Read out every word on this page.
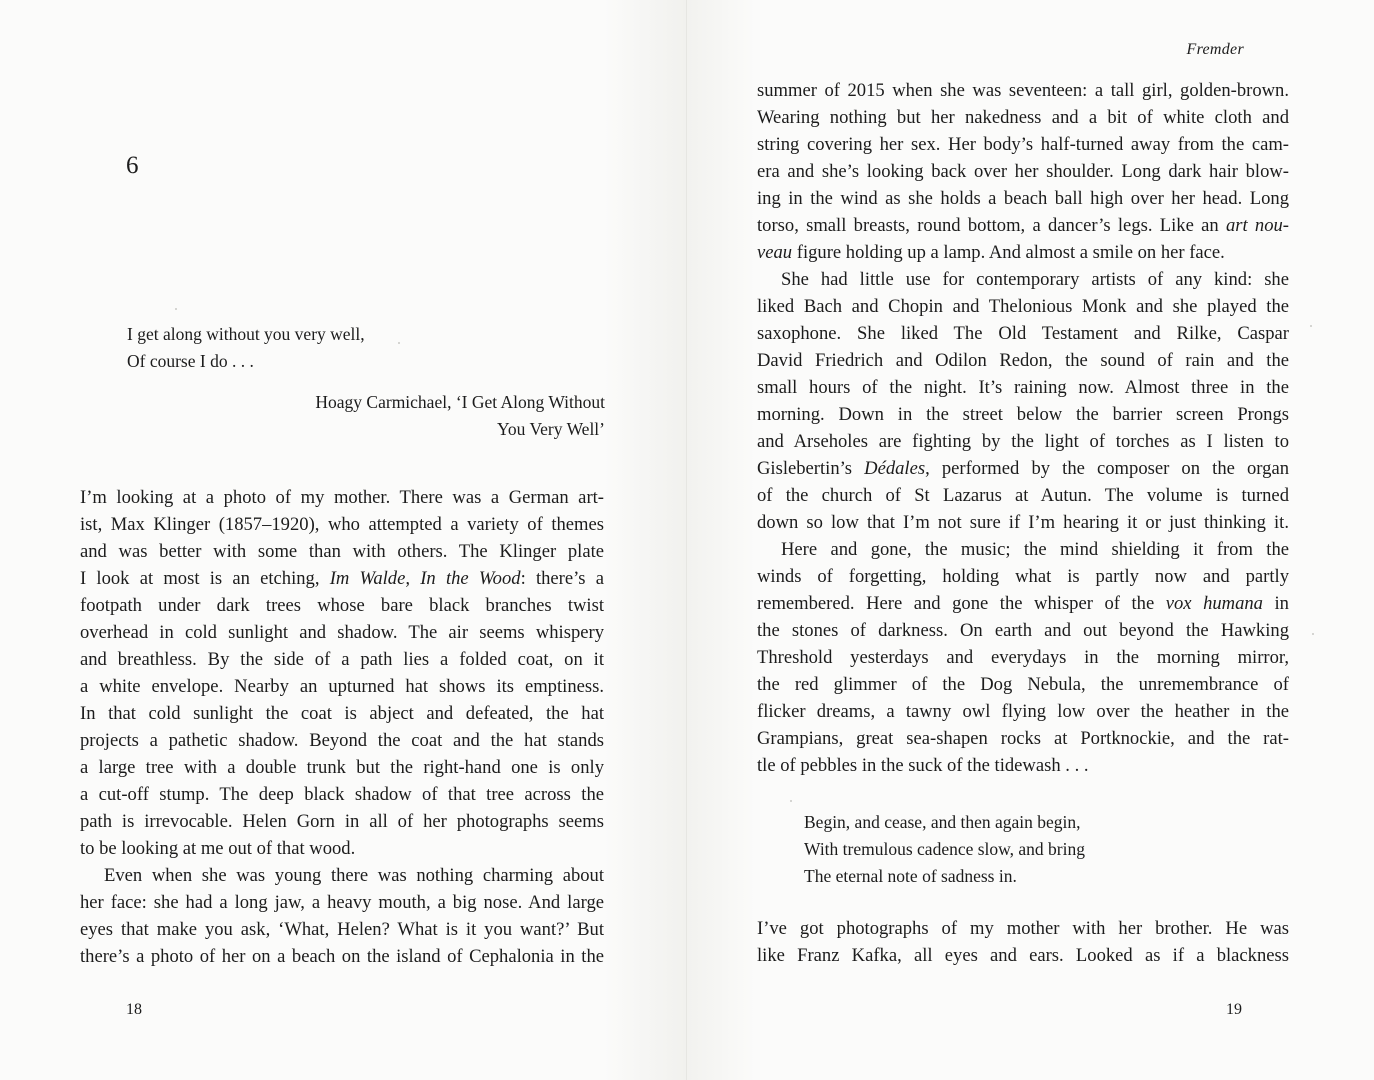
6
I get along without you very well,
Of course I do . . .
Hoagy Carmichael, ‘I Get Along Without
You Very Well’
I’m looking at a photo of my mother. There was a German art-
ist, Max Klinger (1857–1920), who attempted a variety of themes
and was better with some than with others. The Klinger plate
I look at most is an etching, Im Walde, In the Wood: there’s a
footpath under dark trees whose bare black branches twist
overhead in cold sunlight and shadow. The air seems whispery
and breathless. By the side of a path lies a folded coat, on it
a white envelope. Nearby an upturned hat shows its emptiness.
In that cold sunlight the coat is abject and defeated, the hat
projects a pathetic shadow. Beyond the coat and the hat stands
a large tree with a double trunk but the right-hand one is only
a cut-off stump. The deep black shadow of that tree across the
path is irrevocable. Helen Gorn in all of her photographs seems
to be looking at me out of that wood.
Even when she was young there was nothing charming about
her face: she had a long jaw, a heavy mouth, a big nose. And large
eyes that make you ask, ‘What, Helen? What is it you want?’ But
there’s a photo of her on a beach on the island of Cephalonia in the
18
Fremder
summer of 2015 when she was seventeen: a tall girl, golden-brown.
Wearing nothing but her nakedness and a bit of white cloth and
string covering her sex. Her body’s half-turned away from the cam-
era and she’s looking back over her shoulder. Long dark hair blow-
ing in the wind as she holds a beach ball high over her head. Long
torso, small breasts, round bottom, a dancer’s legs. Like an art nou-
veau figure holding up a lamp. And almost a smile on her face.
She had little use for contemporary artists of any kind: she
liked Bach and Chopin and Thelonious Monk and she played the
saxophone. She liked The Old Testament and Rilke, Caspar
David Friedrich and Odilon Redon, the sound of rain and the
small hours of the night. It’s raining now. Almost three in the
morning. Down in the street below the barrier screen Prongs
and Arseholes are fighting by the light of torches as I listen to
Gislebertin’s Dédales, performed by the composer on the organ
of the church of St Lazarus at Autun. The volume is turned
down so low that I’m not sure if I’m hearing it or just thinking it.
Here and gone, the music; the mind shielding it from the
winds of forgetting, holding what is partly now and partly
remembered. Here and gone the whisper of the vox humana in
the stones of darkness. On earth and out beyond the Hawking
Threshold yesterdays and everydays in the morning mirror,
the red glimmer of the Dog Nebula, the unremembrance of
flicker dreams, a tawny owl flying low over the heather in the
Grampians, great sea-shapen rocks at Portknockie, and the rat-
tle of pebbles in the suck of the tidewash . . .
Begin, and cease, and then again begin,
With tremulous cadence slow, and bring
The eternal note of sadness in.
I’ve got photographs of my mother with her brother. He was
like Franz Kafka, all eyes and ears. Looked as if a blackness
19
